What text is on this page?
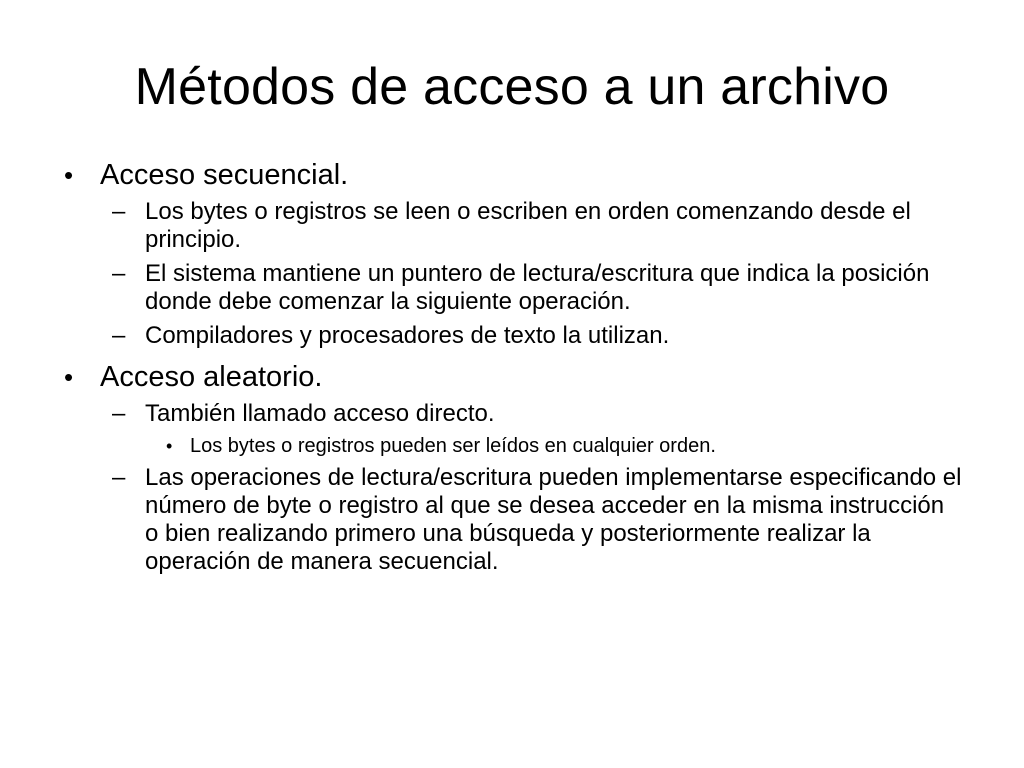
Métodos de acceso a un archivo
• Acceso secuencial.
– Los bytes o registros se leen o escriben en orden comenzando desde el principio.
– El sistema mantiene un puntero de lectura/escritura que indica la posición donde debe comenzar la siguiente operación.
– Compiladores y procesadores de texto la utilizan.
• Acceso aleatorio.
– También llamado acceso directo.
• Los bytes o registros pueden ser leídos en cualquier orden.
– Las operaciones de lectura/escritura pueden implementarse especificando el número de byte o registro al que se desea acceder en la misma instrucción o bien realizando primero una búsqueda y posteriormente realizar la operación de manera secuencial.
